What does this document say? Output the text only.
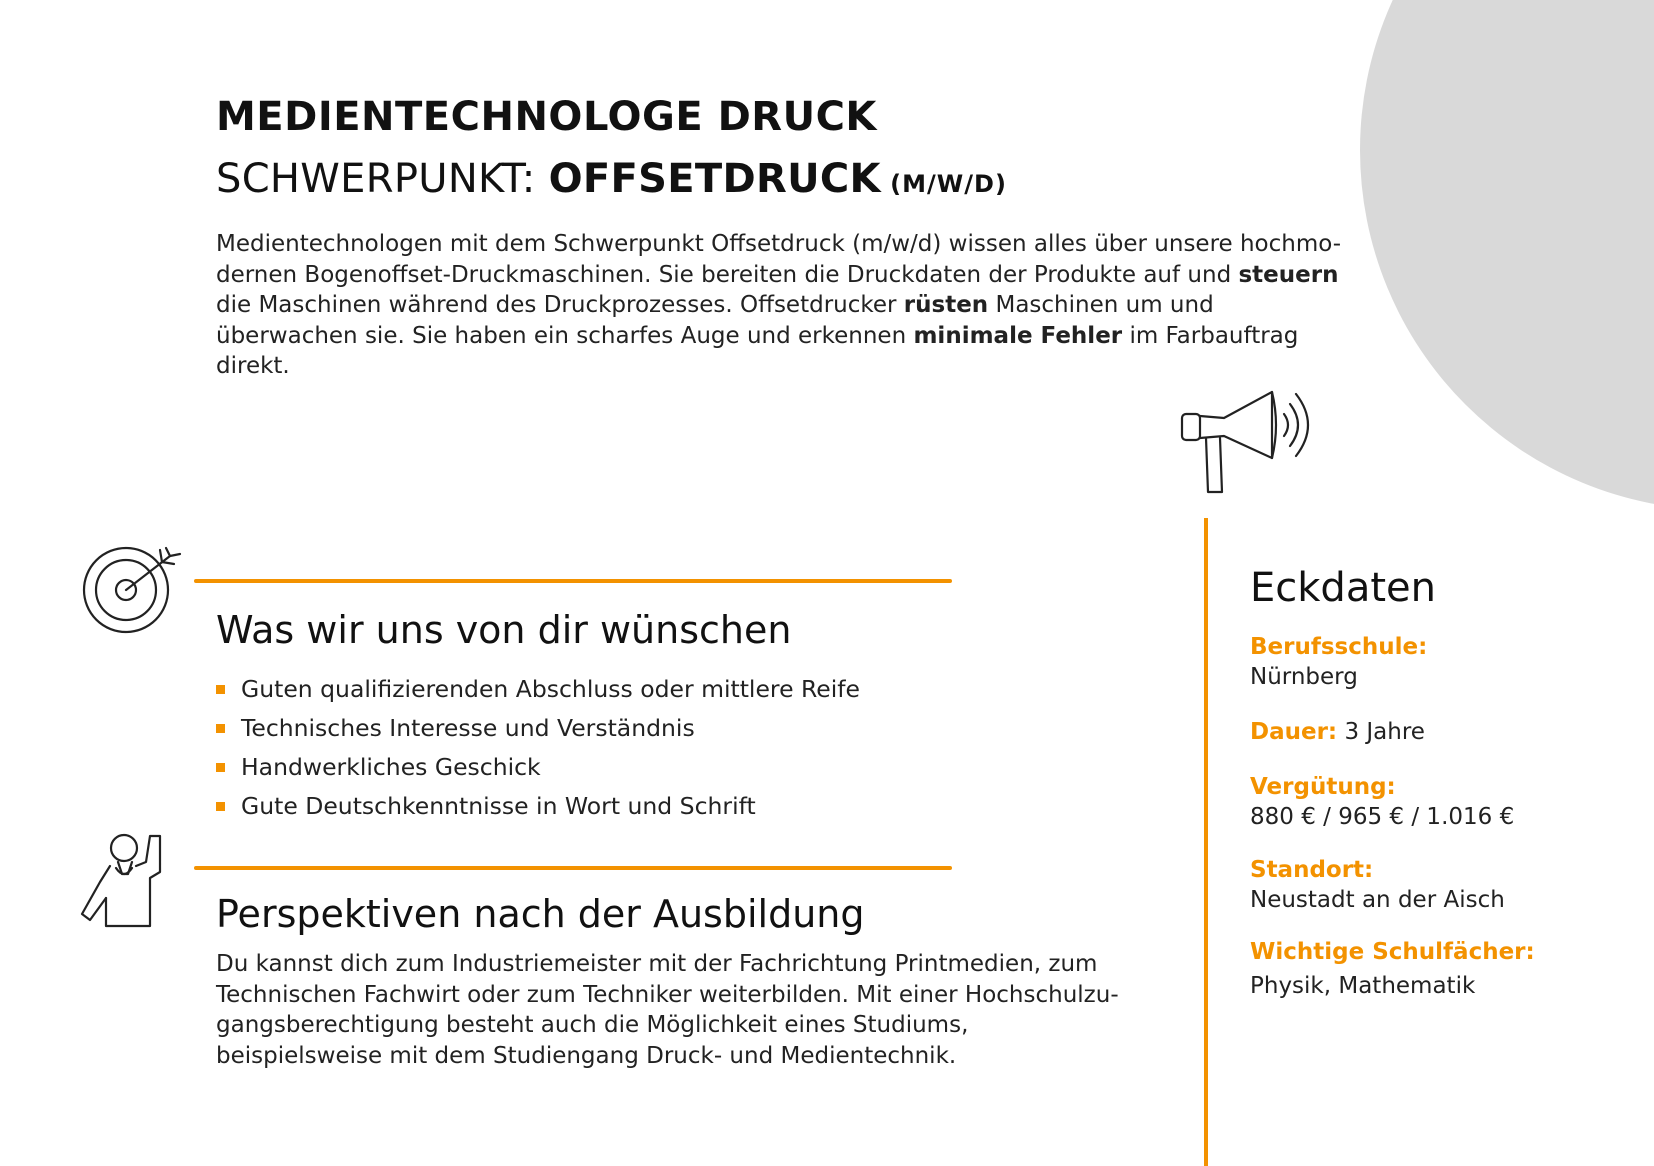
MEDIENTECHNOLOGE DRUCK
SCHWERPUNKT: OFFSETDRUCK (M/W/D)

Medientechnologen mit dem Schwerpunkt Offsetdruck (m/w/d) wissen alles über unsere hochmo-dernen Bogenoffset-Druckmaschinen. Sie bereiten die Druckdaten der Produkte auf und steuern die Maschinen während des Druckprozesses. Offsetdrucker rüsten Maschinen um und überwachen sie. Sie haben ein scharfes Auge und erkennen minimale Fehler im Farbauftrag direkt.

Was wir uns von dir wünschen
Guten qualifizierenden Abschluss oder mittlere Reife
Technisches Interesse und Verständnis
Handwerkliches Geschick
Gute Deutschkenntnisse in Wort und Schrift
Perspektiven nach der Ausbildung

Du kannst dich zum Industriemeister mit der Fachrichtung Printmedien, zum Technischen Fachwirt oder zum Techniker weiterbilden. Mit einer Hochschulzu-gangsberechtigung besteht auch die Möglichkeit eines Studiums, beispielsweise mit dem Studiengang Druck- und Medientechnik.

Eckdaten
Berufsschule:
Nürnberg
Dauer: 3 Jahre
Vergütung:
880 € / 965 € / 1.016 €
Standort:
Neustadt an der Aisch
Wichtige Schulfächer:
Physik, Mathematik
